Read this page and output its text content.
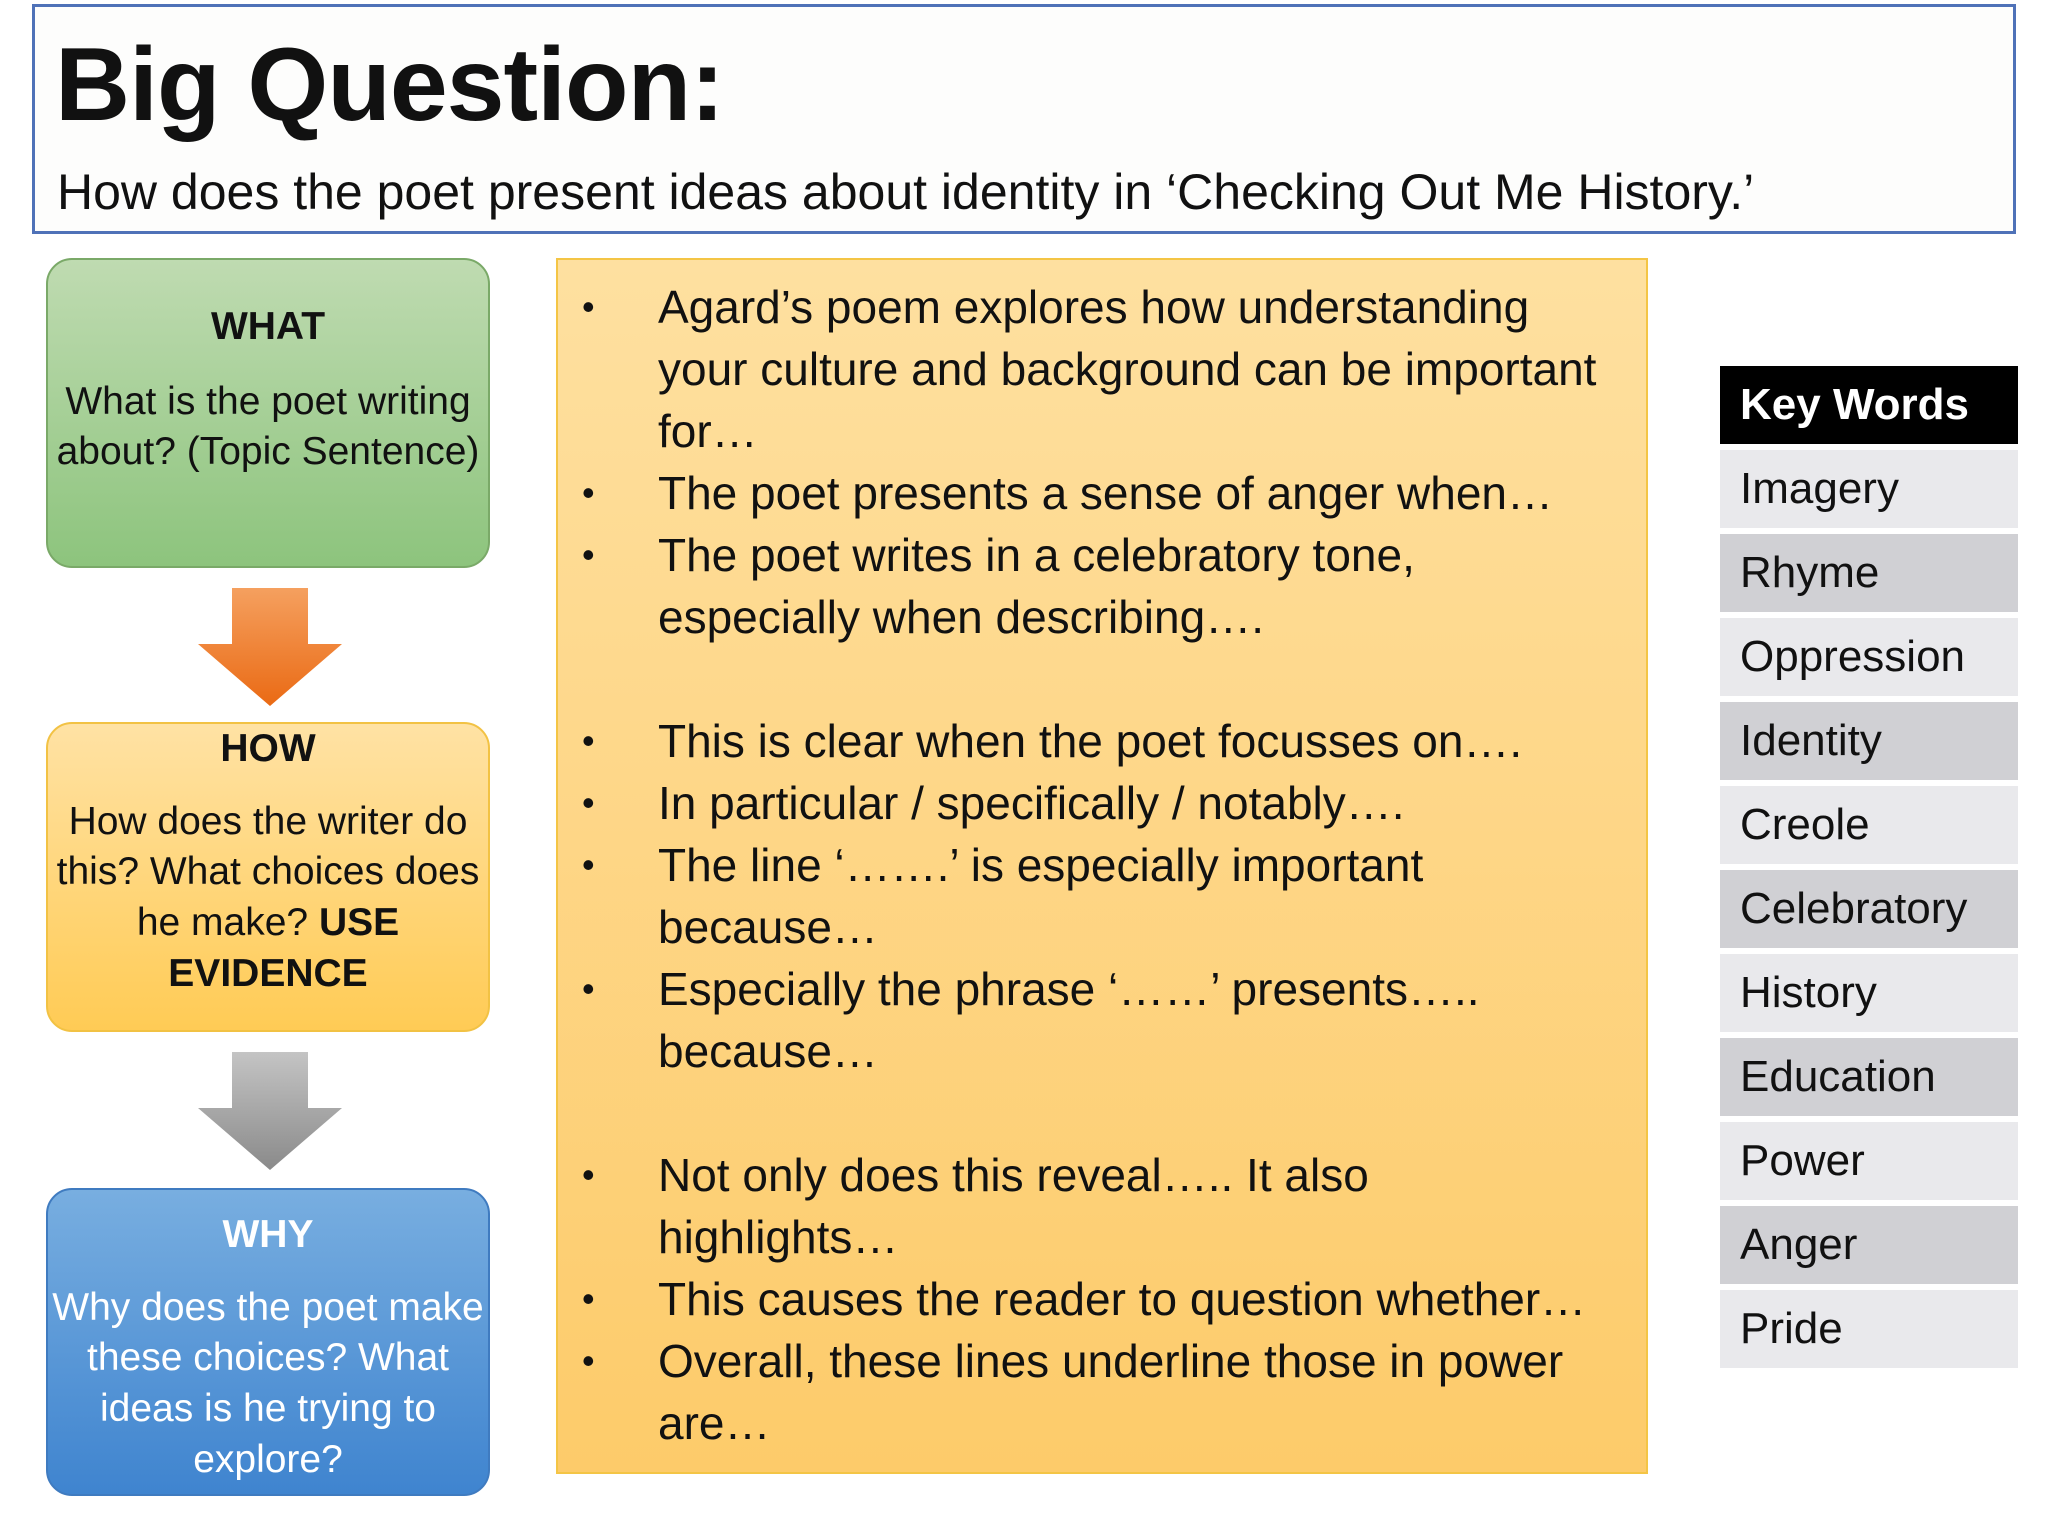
Big Question:

How does the poet present ideas about identity in ‘Checking Out Me History.’

WHAT
What is the poet writing about? (Topic Sentence)
HOW
How does the writer do this? What choices does he make? USE EVIDENCE
WHY
Why does the poet make these choices? What ideas is he trying to explore?
• Agard’s poem explores how understanding your culture and background can be important for…
• The poet presents a sense of anger when…
• The poet writes in a celebratory tone, especially when describing….
• This is clear when the poet focusses on….
• In particular / specifically / notably….
• The line ‘…….’ is especially important because…
• Especially the phrase ‘……’ presents….. because…
• Not only does this reveal….. It also highlights…
• This causes the reader to question whether…
• Overall, these lines underline those in power are…
Key Words
Imagery
Rhyme
Oppression
Identity
Creole
Celebratory
History
Education
Power
Anger
Pride
